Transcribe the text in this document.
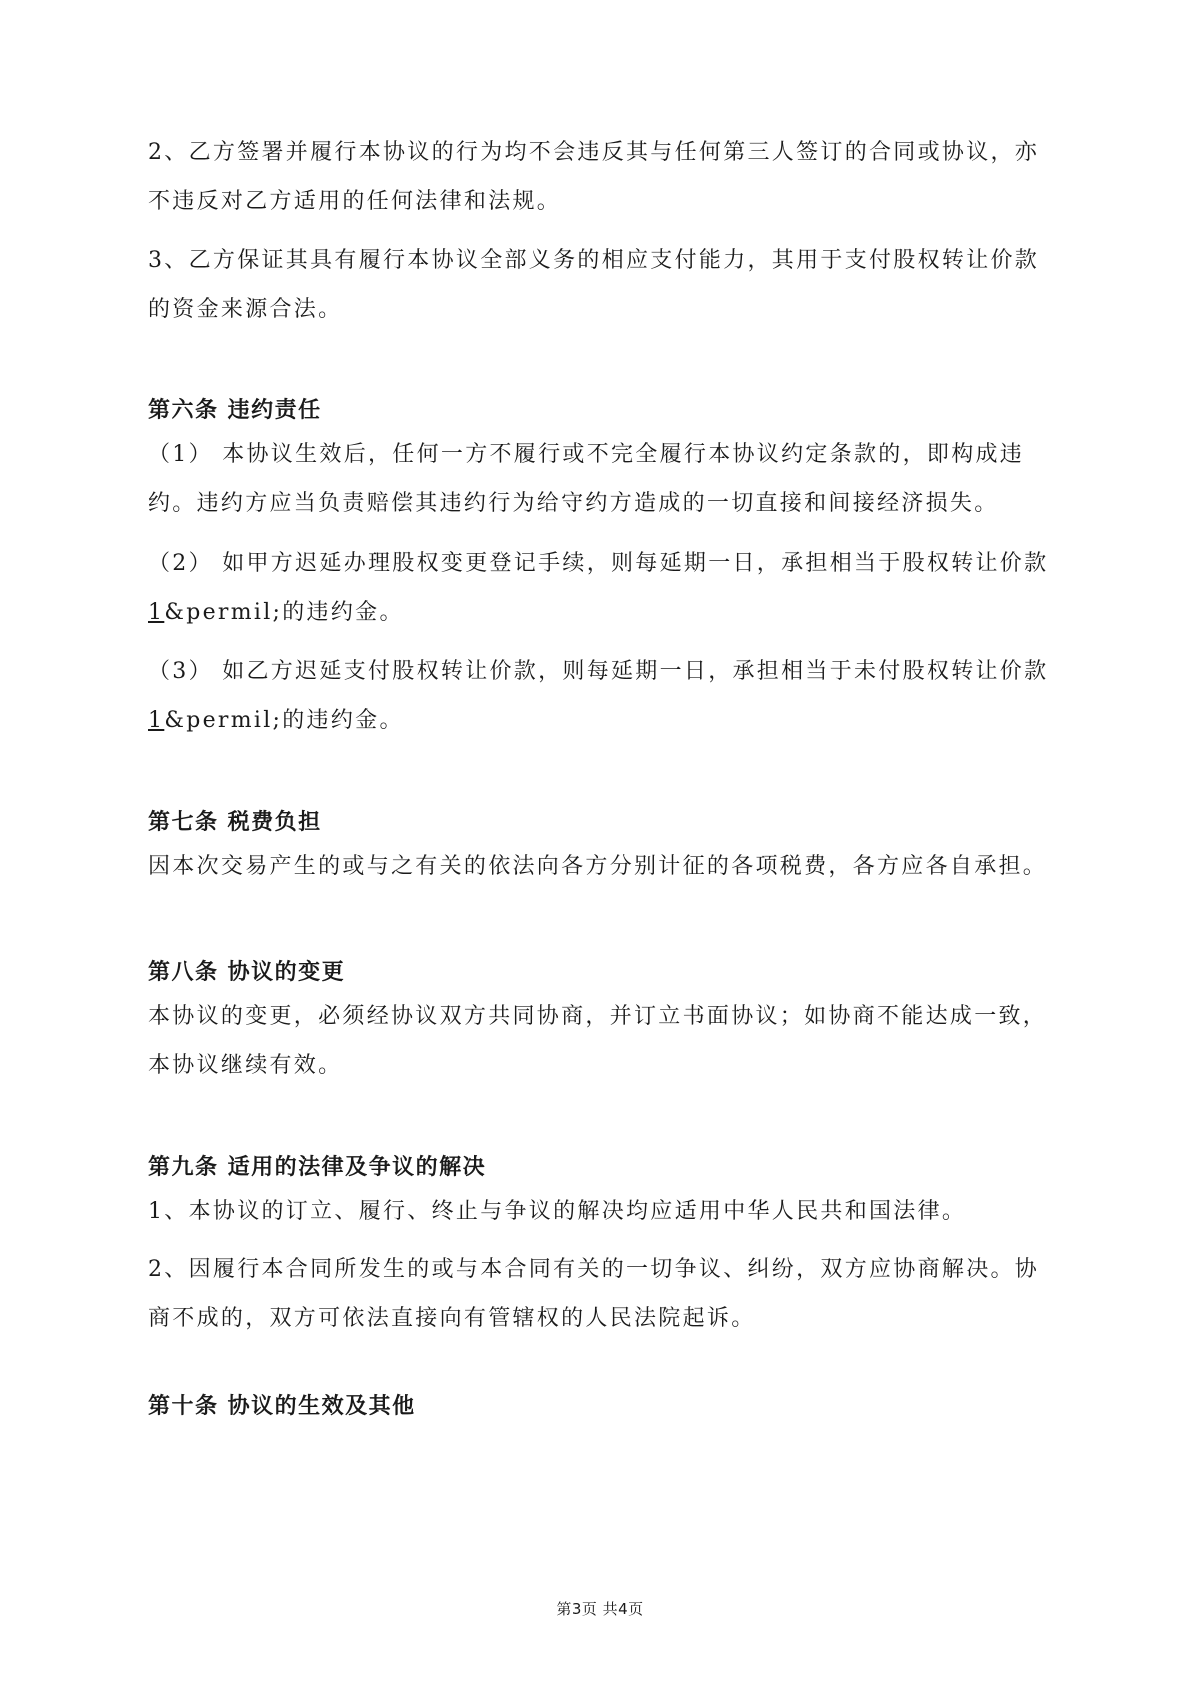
2、乙方签署并履行本协议的行为均不会违反其与任何第三人签订的合同或协议，亦不违反对乙方适用的任何法律和法规。

3、乙方保证其具有履行本协议全部义务的相应支付能力，其用于支付股权转让价款的资金来源合法。

第六条 违约责任

（1） 本协议生效后，任何一方不履行或不完全履行本协议约定条款的，即构成违约。违约方应当负责赔偿其违约行为给守约方造成的一切直接和间接经济损失。

（2） 如甲方迟延办理股权变更登记手续，则每延期一日，承担相当于股权转让价款1&permil;的违约金。

（3） 如乙方迟延支付股权转让价款，则每延期一日，承担相当于未付股权转让价款1&permil;的违约金。

第七条 税费负担

因本次交易产生的或与之有关的依法向各方分别计征的各项税费，各方应各自承担。

第八条 协议的变更

本协议的变更，必须经协议双方共同协商，并订立书面协议；如协商不能达成一致，本协议继续有效。

第九条 适用的法律及争议的解决

1、本协议的订立、履行、终止与争议的解决均应适用中华人民共和国法律。

2、因履行本合同所发生的或与本合同有关的一切争议、纠纷，双方应协商解决。协商不成的，双方可依法直接向有管辖权的人民法院起诉。

第十条 协议的生效及其他
第3页 共4页
